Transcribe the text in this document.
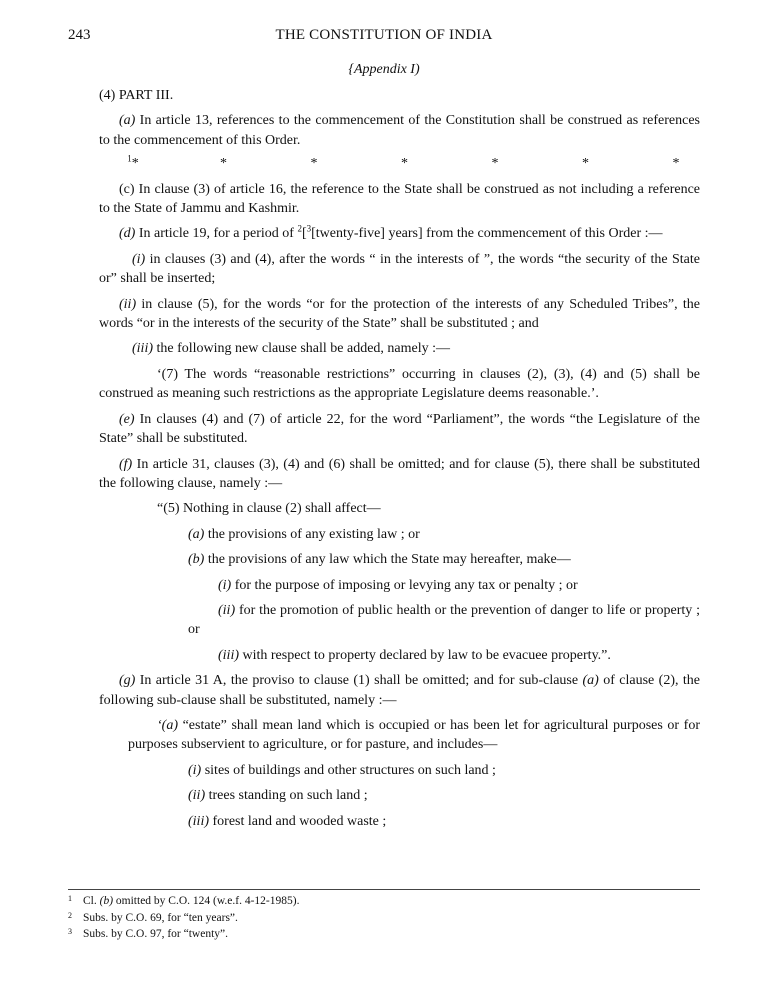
243	THE CONSTITUTION OF INDIA
{Appendix I)

(4) PART III.

(a) In article 13, references to the commencement of the Constitution shall be construed as references to the commencement of this Order.

$^1$*	*	*	*	*	*	*

(c) In clause (3) of article 16, the reference to the State shall be construed as not including a reference to the State of Jammu and Kashmir.

(d) In article 19, for a period of $^2$[$^3$[twenty-five] years] from the commencement of this Order :—

(i) in clauses (3) and (4), after the words “ in the interests of ”, the words “the security of the State or” shall be inserted;

(ii) in clause (5), for the words “or for the protection of the interests of any Scheduled Tribes”, the words “or in the interests of the security of the State” shall be substituted ; and

(iii) the following new clause shall be added, namely :—

‘(7) The words “reasonable restrictions” occurring in clauses (2), (3), (4) and (5) shall be construed as meaning such restrictions as the appropriate Legislature deems reasonable.’.

(e) In clauses (4) and (7) of article 22, for the word “Parliament”, the words “the Legislature of the State” shall be substituted.

(f) In article 31, clauses (3), (4) and (6) shall be omitted; and for clause (5), there shall be substituted the following clause, namely :—

“(5) Nothing in clause (2) shall affect—

(a) the provisions of any existing law ; or

(b) the provisions of any law which the State may hereafter, make—

(i) for the purpose of imposing or levying any tax or penalty ; or

(ii) for the promotion of public health or the prevention of danger to life or property ; or

(iii) with respect to property declared by law to be evacuee property.”.

(g) In article 31 A, the proviso to clause (1) shall be omitted; and for sub-clause (a) of clause (2), the following sub-clause shall be substituted, namely :—

‘(a) “estate” shall mean land which is occupied or has been let for agricultural purposes or for purposes subservient to agriculture, or for pasture, and includes—

(i) sites of buildings and other structures on such land ;

(ii) trees standing on such land ;

(iii) forest land and wooded waste ;

1 Cl. (b) omitted by C.O. 124 (w.e.f. 4-12-1985).
2 Subs. by C.O. 69, for “ten years”.
3 Subs. by C.O. 97, for “twenty”.
